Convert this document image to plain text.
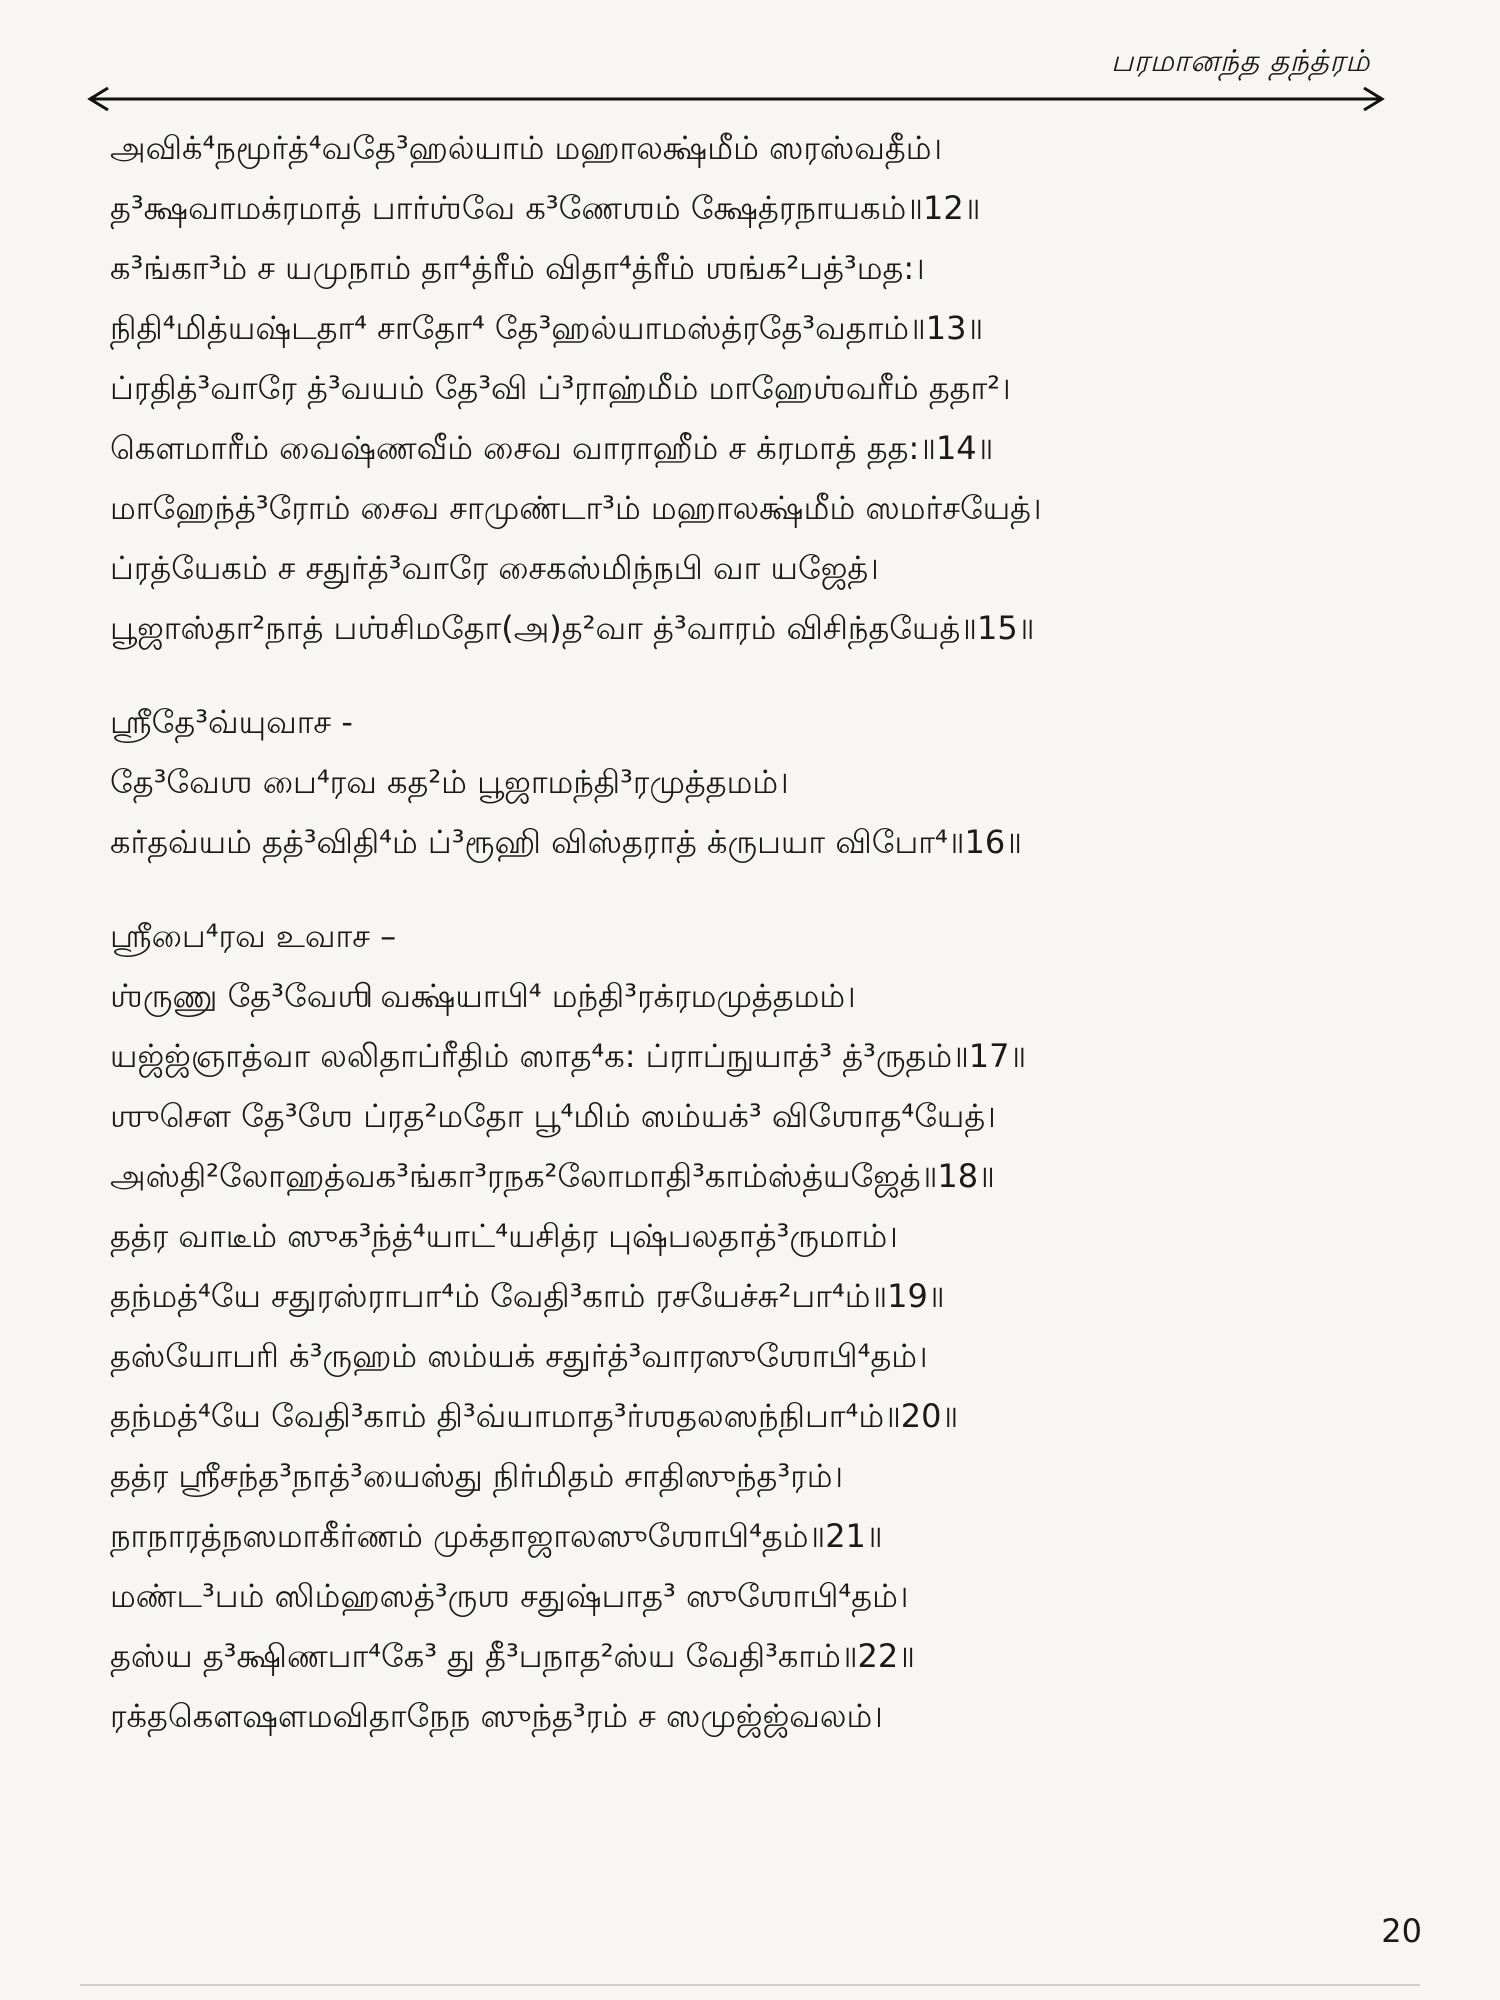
பரமானந்த தந்த்ரம்
அவிக்⁴நமூர்த்⁴வதே³ஹல்யாம் மஹாலக்ஷ்மீம் ஸரஸ்வதீம்।
த³க்ஷவாமக்ரமாத் பார்ஶ்வே க³ணேஶம் க்ஷேத்ரநாயகம்॥12॥
க³ங்கா³ம் ச யமுநாம் தா⁴த்ரீம் விதா⁴த்ரீம் ஶங்க²பத்³மத:।
நிதி⁴மித்யஷ்டதா⁴ சாதோ⁴ தே³ஹல்யாமஸ்த்ரதே³வதாம்॥13॥
ப்ரதித்³வாரே த்³வயம் தே³வி ப்³ராஹ்மீம் மாஹேஶ்வரீம் ததா²।
கௌமாரீம் வைஷ்ணவீம் சைவ வாராஹீம் ச க்ரமாத் தத:॥14॥
மாஹேந்த்³ரோம் சைவ சாமுண்டா³ம் மஹாலக்ஷ்மீம் ஸமர்சயேத்।
ப்ரத்யேகம் ச சதுர்த்³வாரே சைகஸ்மிந்நபி வா யஜேத்।
பூஜாஸ்தா²நாத் பஶ்சிமதோ(அ)த²வா த்³வாரம் விசிந்தயேத்॥15॥
ஶ்ரீதே³வ்யுவாச -
தே³வேஶ பை⁴ரவ கத²ம் பூஜாமந்தி³ரமுத்தமம்।
கர்தவ்யம் தத்³விதி⁴ம் ப்³ரூஹி விஸ்தராத் க்ருபயா விபோ⁴॥16॥
ஶ்ரீபை⁴ரவ உவாச –
ஶ்ருணு தே³வேஶி வக்ஷ்யாபி⁴ மந்தி³ரக்ரமமுத்தமம்।
யஜ்ஜ்ஞாத்வா லலிதாப்ரீதிம் ஸாத⁴க: ப்ராப்நுயாத்³ த்³ருதம்॥17॥
ஶுசௌ தே³ஶே ப்ரத²மதோ பூ⁴மிம் ஸம்யக்³ விஶோத⁴யேத்।
அஸ்தி²லோஹத்வக³ங்கா³ரநக²லோமாதி³காம்ஸ்த்யஜேத்॥18॥
தத்ர வாடீம் ஸுக³ந்த்⁴யாட்⁴யசித்ர புஷ்பலதாத்³ருமாம்।
தந்மத்⁴யே சதுரஸ்ராபா⁴ம் வேதி³காம் ரசயேச்சு²பா⁴ம்॥19॥
தஸ்யோபரி க்³ருஹம் ஸம்யக் சதுர்த்³வாரஸுஶோபி⁴தம்।
தந்மத்⁴யே வேதி³காம் தி³வ்யாமாத³ர்ஶதலஸந்நிபா⁴ம்॥20॥
தத்ர ஶ்ரீசந்த³நாத்³யைஸ்து நிர்மிதம் சாதிஸுந்த³ரம்।
நாநாரத்நஸமாகீர்ணம் முக்தாஜாலஸுஶோபி⁴தம்॥21॥
மண்ட³பம் ஸிம்ஹஸத்³ருஶ சதுஷ்பாத³ ஸுஶோபி⁴தம்।
தஸ்ய த³க்ஷிணபா⁴கே³ து தீ³பநாத²ஸ்ய வேதி³காம்॥22॥
ரக்தகௌஷளமவிதாநேந ஸுந்த³ரம் ச ஸமுஜ்ஜ்வலம்।
20
